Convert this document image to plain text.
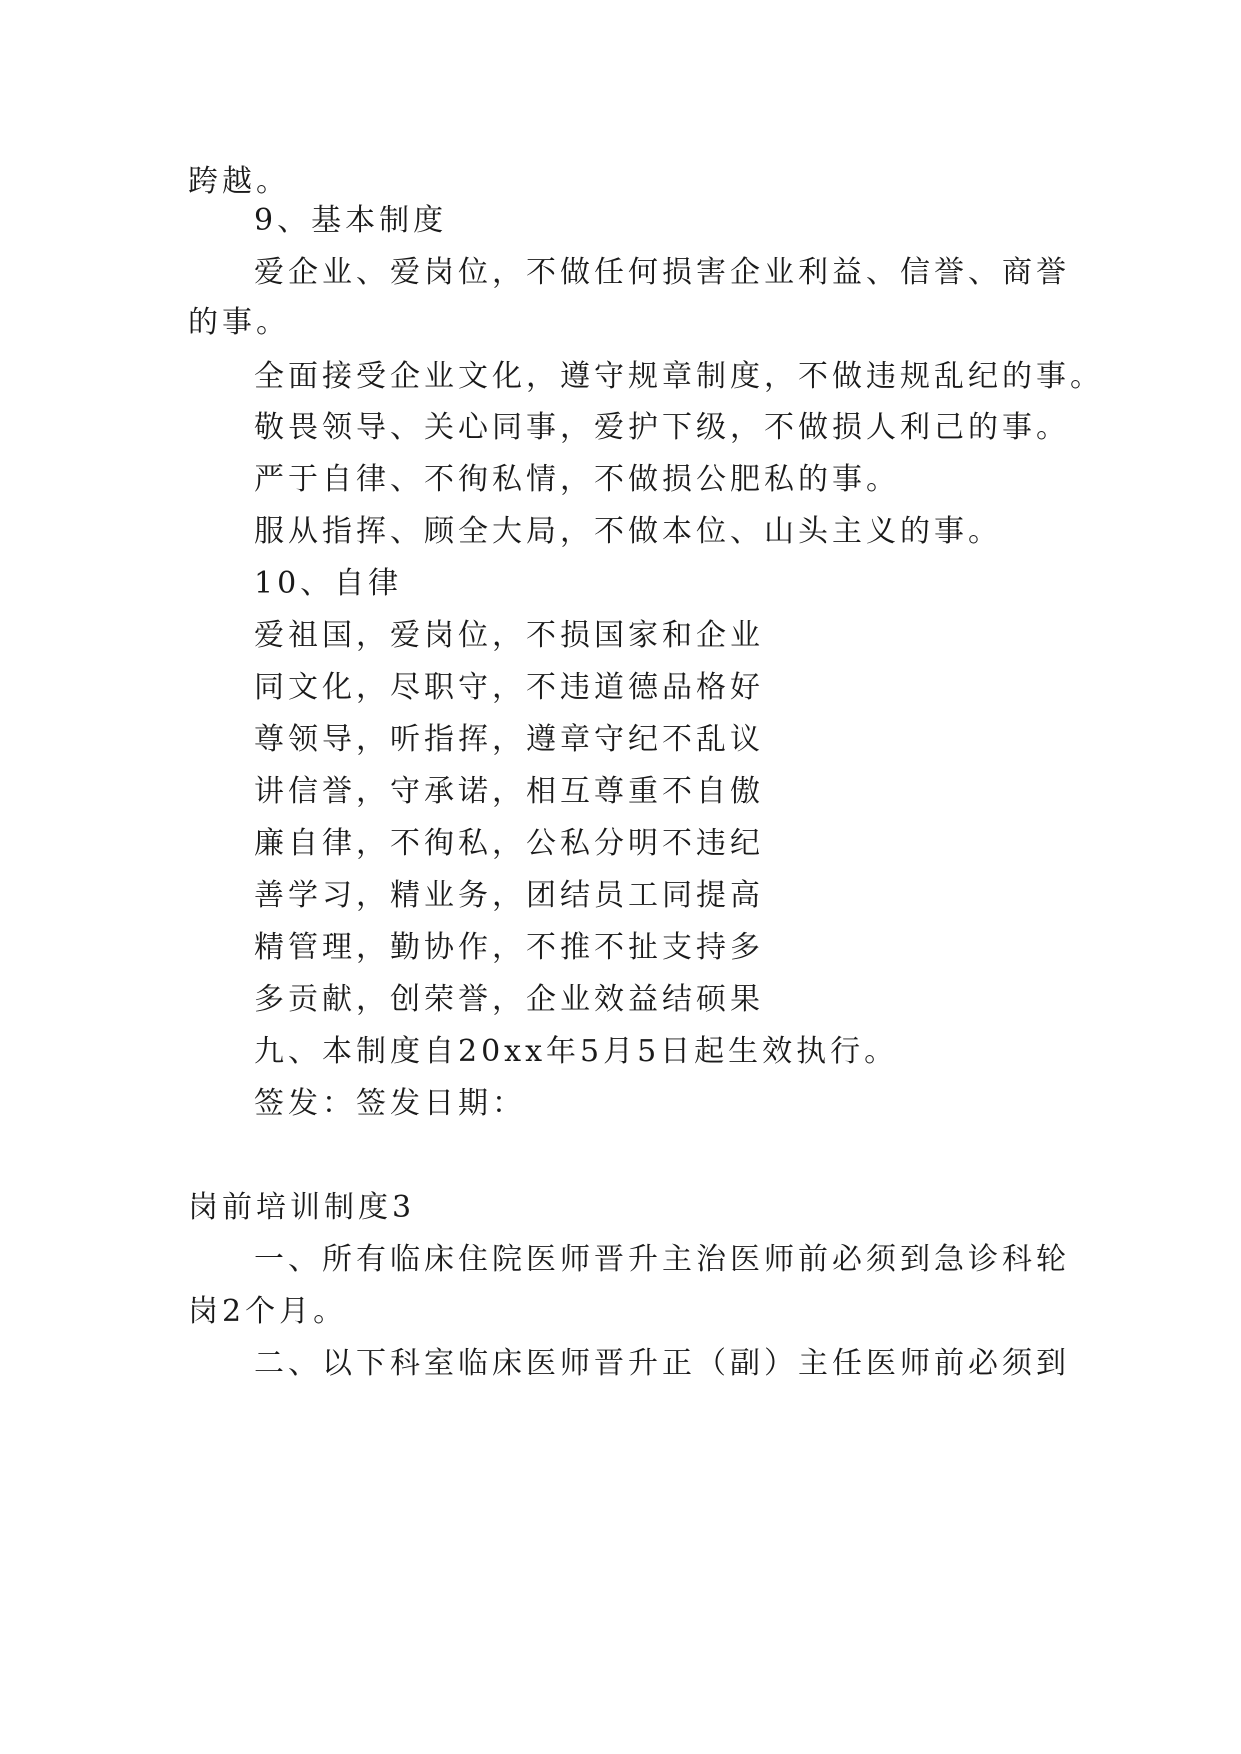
跨越。

9、基本制度

爱企业、爱岗位，不做任何损害企业利益、信誉、商誉

的事。

全面接受企业文化，遵守规章制度，不做违规乱纪的事。

敬畏领导、关心同事，爱护下级，不做损人利己的事。

严于自律、不徇私情，不做损公肥私的事。

服从指挥、顾全大局，不做本位、山头主义的事。

10、自律

爱祖国，爱岗位，不损国家和企业

同文化，尽职守，不违道德品格好

尊领导，听指挥，遵章守纪不乱议

讲信誉，守承诺，相互尊重不自傲

廉自律，不徇私，公私分明不违纪

善学习，精业务，团结员工同提高

精管理，勤协作，不推不扯支持多

多贡献，创荣誉，企业效益结硕果

九、本制度自20xx年5月5日起生效执行。

签发：签发日期：

岗前培训制度3

一、所有临床住院医师晋升主治医师前必须到急诊科轮

岗2个月。

二、以下科室临床医师晋升正（副）主任医师前必须到
